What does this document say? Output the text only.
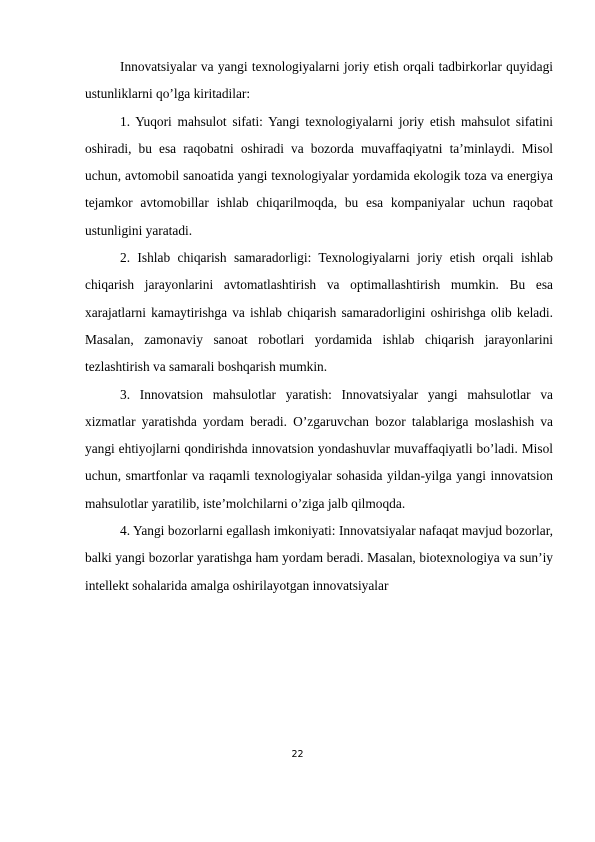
Innovatsiyalar va yangi texnologiyalarni joriy etish orqali tadbirkorlar quyidagi ustunliklarni qo’lga kiritadilar:

1. Yuqori mahsulot sifati: Yangi texnologiyalarni joriy etish mahsulot sifatini oshiradi, bu esa raqobatni oshiradi va bozorda muvaffaqiyatni ta’minlaydi. Misol uchun, avtomobil sanoatida yangi texnologiyalar yordamida ekologik toza va energiya tejamkor avtomobillar ishlab chiqarilmoqda, bu esa kompaniyalar uchun raqobat ustunligini yaratadi.

2. Ishlab chiqarish samaradorligi: Texnologiyalarni joriy etish orqali ishlab chiqarish jarayonlarini avtomatlashtirish va optimallashtirish mumkin. Bu esa xarajatlarni kamaytirishga va ishlab chiqarish samaradorligini oshirishga olib keladi. Masalan, zamonaviy sanoat robotlari yordamida ishlab chiqarish jarayonlarini tezlashtirish va samarali boshqarish mumkin.

3. Innovatsion mahsulotlar yaratish: Innovatsiyalar yangi mahsulotlar va xizmatlar yaratishda yordam beradi. O’zgaruvchan bozor talablariga moslashish va yangi ehtiyojlarni qondirishda innovatsion yondashuvlar muvaffaqiyatli bo’ladi. Misol uchun, smartfonlar va raqamli texnologiyalar sohasida yildan-yilga yangi innovatsion mahsulotlar yaratilib, iste’molchilarni o’ziga jalb qilmoqda.

4. Yangi bozorlarni egallash imkoniyati: Innovatsiyalar nafaqat mavjud bozorlar, balki yangi bozorlar yaratishga ham yordam beradi. Masalan, biotexnologiya va sun’iy intellekt sohalarida amalga oshirilayotgan innovatsiyalar

22
